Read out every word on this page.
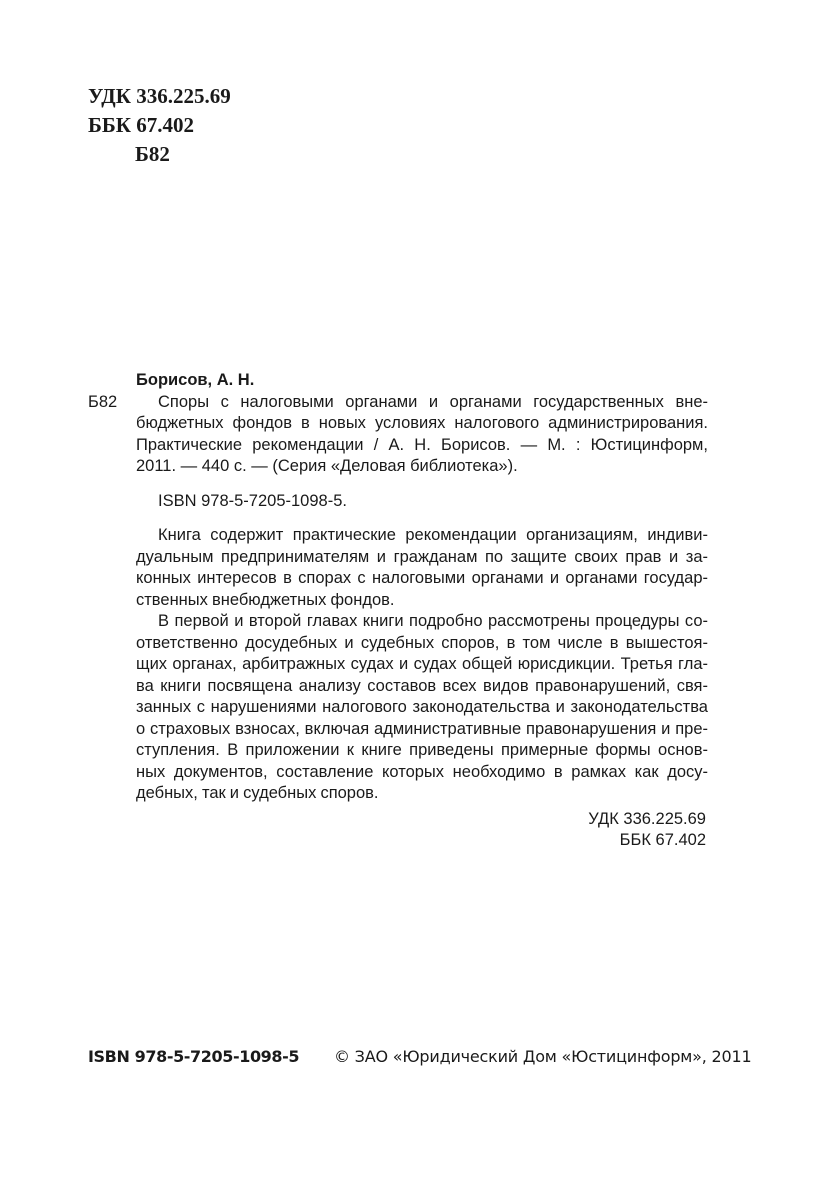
УДК 336.225.69
ББК 67.402
Б82
Борисов, А. Н.
Б82	Споры с налоговыми органами и органами государственных вне-
бюджетных фондов в новых условиях налогового администрирования.
Практические рекомендации / А. Н. Борисов. — М. : Юстицинформ,
2011. — 440 с. — (Серия «Деловая библиотека»).
ISBN 978-5-7205-1098-5.
Книга содержит практические рекомендации организациям, индиви-
дуальным предпринимателям и гражданам по защите своих прав и за-
конных интересов в спорах с налоговыми органами и органами государ-
ственных внебюджетных фондов.
В первой и второй главах книги подробно рассмотрены процедуры со-
ответственно досудебных и судебных споров, в том числе в вышестоя-
щих органах, арбитражных судах и судах общей юрисдикции. Третья гла-
ва книги посвящена анализу составов всех видов правонарушений, свя-
занных с нарушениями налогового законодательства и законодательства
о страховых взносах, включая административные правонарушения и пре-
ступления. В приложении к книге приведены примерные формы основ-
ных документов, составление которых необходимо в рамках как досу-
дебных, так и судебных споров.
УДК 336.225.69
ББК 67.402
ISBN 978-5-7205-1098-5 © ЗАО «Юридический Дом «Юстицинформ», 2011
